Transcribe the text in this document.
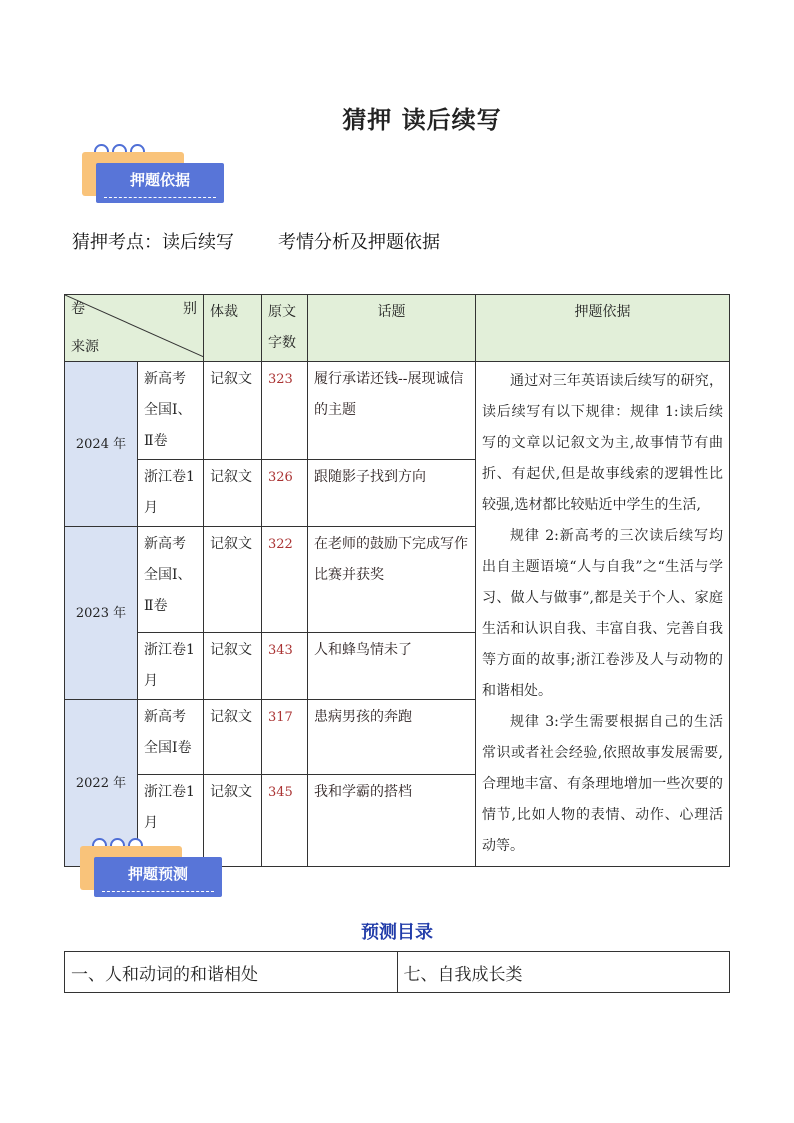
猜押 读后续写
押题依据
猜押考点：读后续写 考情分析及押题依据
卷 别
来源		体裁	原文字数	话题	押题依据
2024 年	新高考全国Ⅰ、Ⅱ卷	记叙文	323	履行承诺还钱--展现诚信的主题	通过对三年英语读后续写的研究，读后续写有以下规律：规律 1:读后续写的文章以记叙文为主,故事情节有曲折、有起伏,但是故事线索的逻辑性比较强,选材都比较贴近中学生的生活,

规律 2:新高考的三次读后续写均出自主题语境“人与自我”之“生活与学习、做人与做事”,都是关于个人、家庭生活和认识自我、丰富自我、完善自我等方面的故事;浙江卷涉及人与动物的和谐相处。

规律 3:学生需要根据自己的生活常识或者社会经验,依照故事发展需要,合理地丰富、有条理地增加一些次要的情节,比如人物的表情、动作、心理活动等。

	浙江卷1月	记叙文	326	跟随影子找到方向	
2023 年	新高考全国Ⅰ、Ⅱ卷	记叙文	322	在老师的鼓励下完成写作比赛并获奖	
	浙江卷1月	记叙文	343	人和蜂鸟情未了	
2022 年	新高考全国Ⅰ卷	记叙文	317	患病男孩的奔跑	
	浙江卷1月	记叙文	345	我和学霸的搭档	
押题预测
预测目录
一、人和动词的和谐相处	七、自我成长类
